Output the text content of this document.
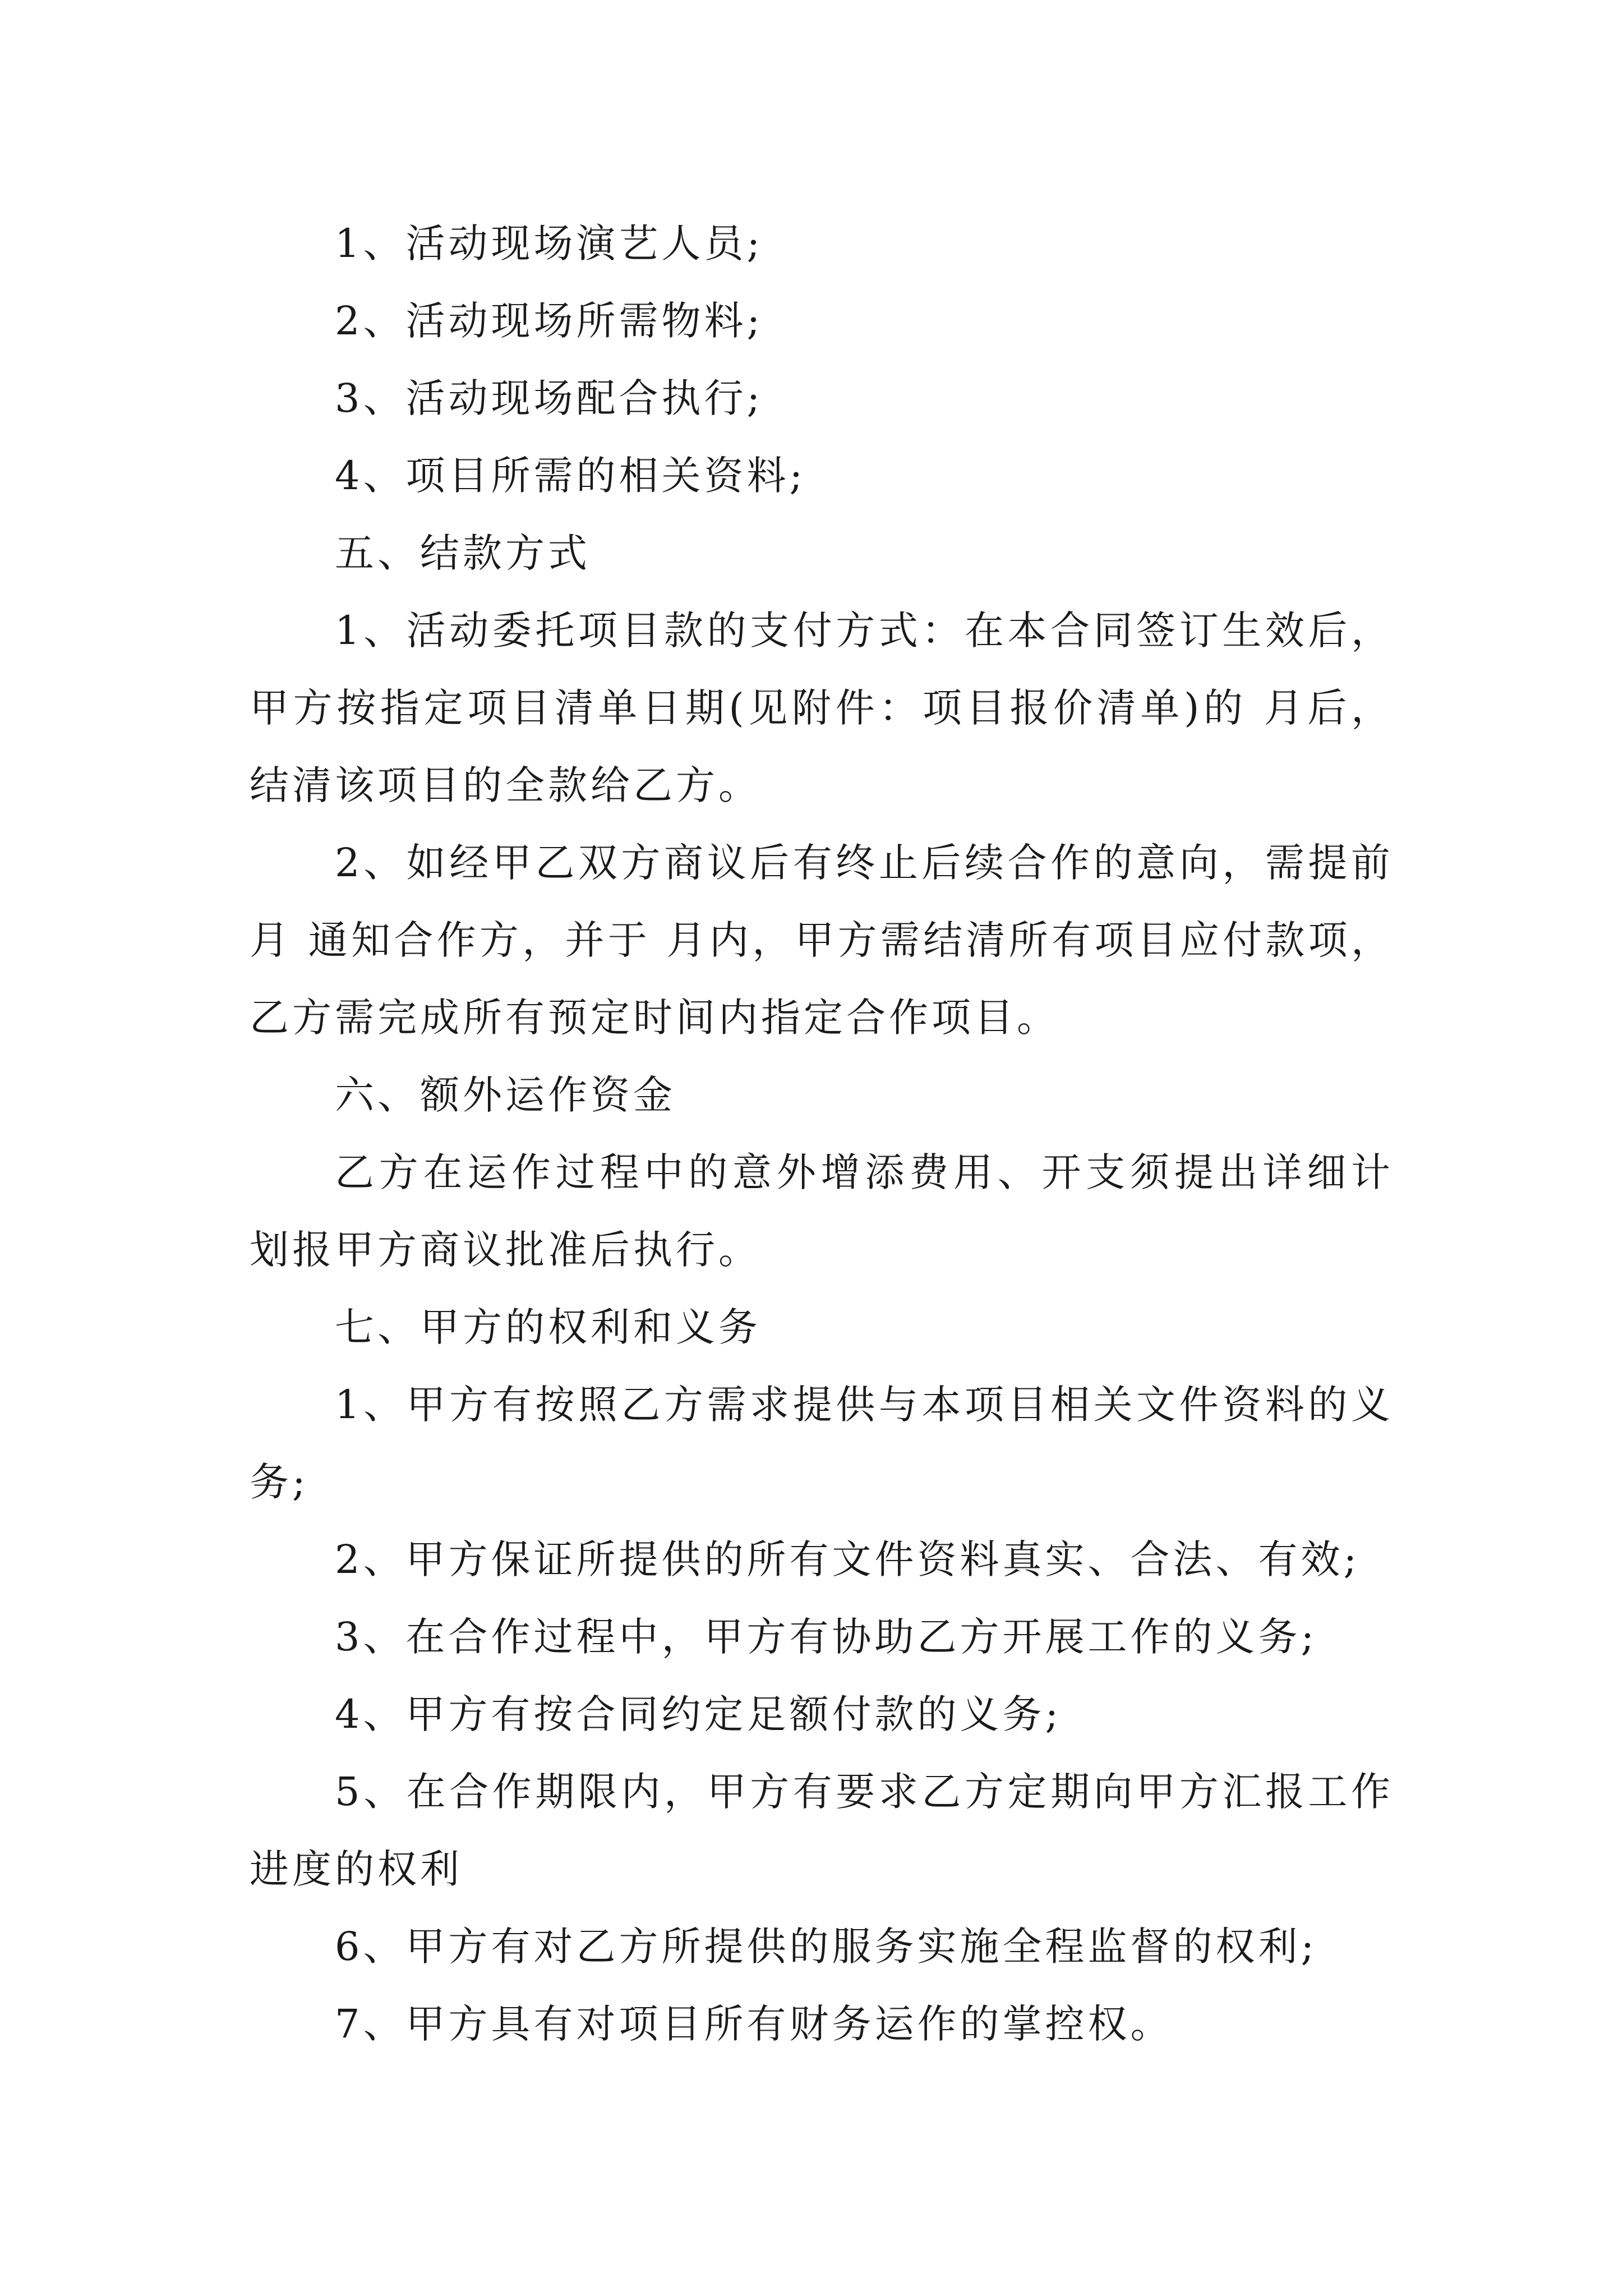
1、活动现场演艺人员;

2、活动现场所需物料;

3、活动现场配合执行;

4、项目所需的相关资料;

五、结款方式

1、活动委托项目款的支付方式：在本合同签订生效后，甲方按指定项目清单日期(见附件：项目报价清单)的 月后，结清该项目的全款给乙方。

2、如经甲乙双方商议后有终止后续合作的意向，需提前 月 通知合作方，并于 月内，甲方需结清所有项目应付款项，乙方需完成所有预定时间内指定合作项目。

六、额外运作资金

乙方在运作过程中的意外增添费用、开支须提出详细计划报甲方商议批准后执行。

七、甲方的权利和义务

1、甲方有按照乙方需求提供与本项目相关文件资料的义务;

2、甲方保证所提供的所有文件资料真实、合法、有效;

3、在合作过程中，甲方有协助乙方开展工作的义务;

4、甲方有按合同约定足额付款的义务;

5、在合作期限内，甲方有要求乙方定期向甲方汇报工作进度的权利

6、甲方有对乙方所提供的服务实施全程监督的权利;

7、甲方具有对项目所有财务运作的掌控权。
